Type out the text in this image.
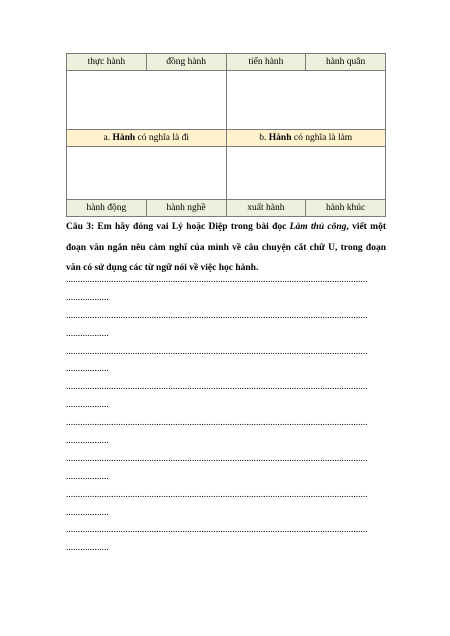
thực hành	đồng hành	tiến hành	hành quân

a. Hành có nghĩa là đi		b. Hành có nghĩa là làm	

hành động	hành nghề	xuất hành	hành khúc
Câu 3: Em hãy đóng vai Lý hoặc Diệp trong bài đọc Làm thủ công, viết một đoạn văn ngắn nêu cảm nghĩ của mình về câu chuyện cắt chữ U, trong đoạn văn có sử dụng các từ ngữ nói về việc học hành.
...............................................................................................................................
..................
...............................................................................................................................
..................
...............................................................................................................................
..................
...............................................................................................................................
..................
...............................................................................................................................
..................
...............................................................................................................................
..................
...............................................................................................................................
..................
...............................................................................................................................
..................
